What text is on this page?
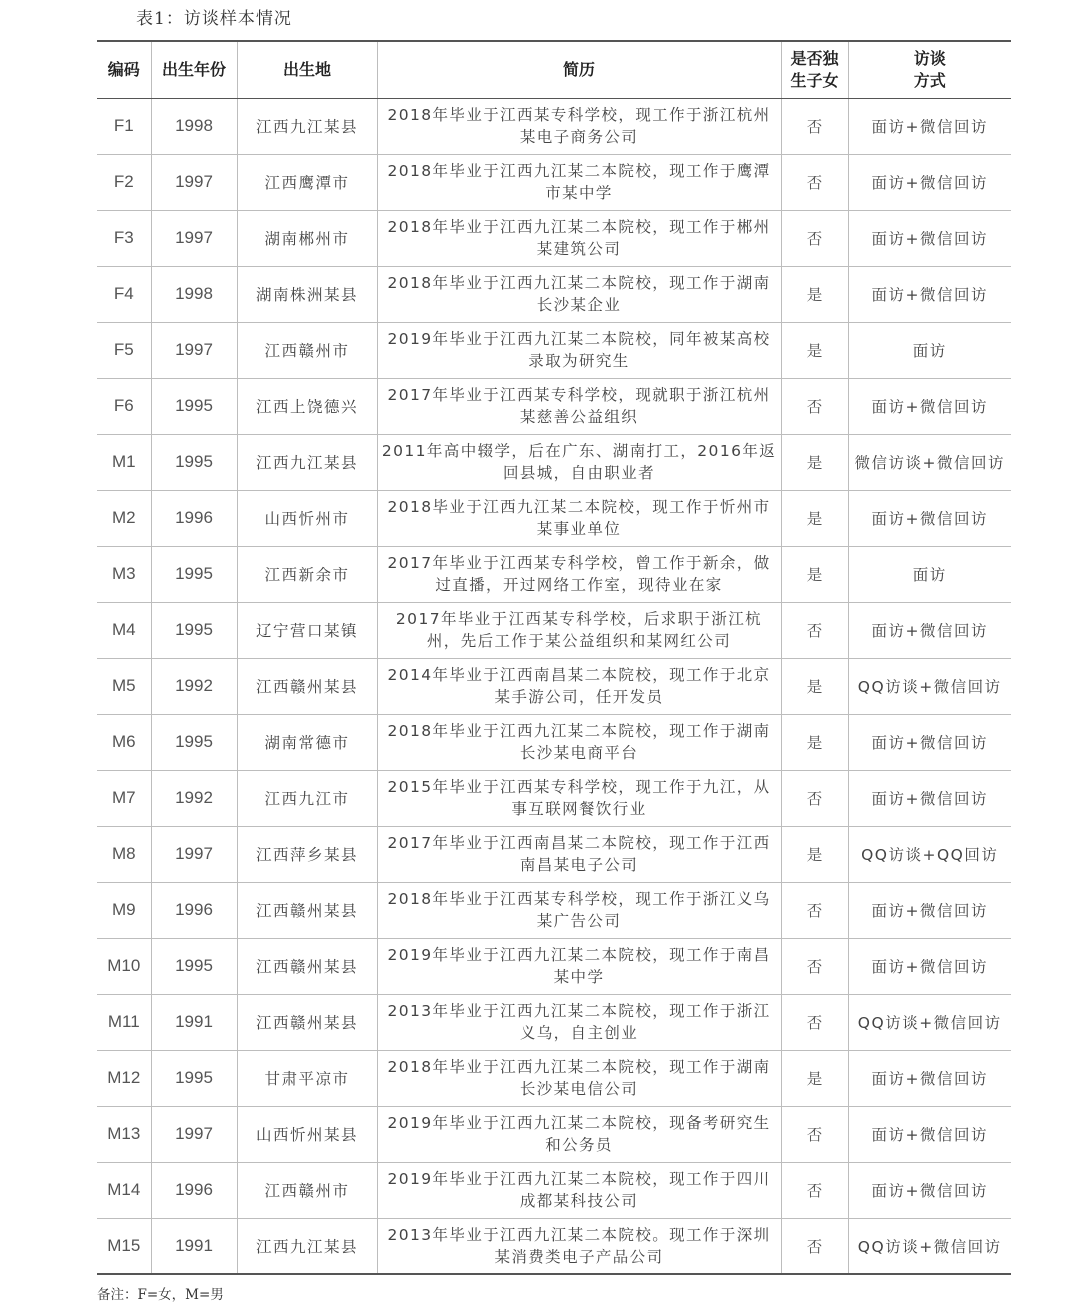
表1：访谈样本情况
编码	出生年份	出生地	简历	是否独生子女	访谈方式
F1	1998	江西九江某县	2018年毕业于江西某专科学校，现工作于浙江杭州某电子商务公司	否	面访+微信回访
F2	1997	江西鹰潭市	2018年毕业于江西九江某二本院校，现工作于鹰潭市某中学	否	面访+微信回访
F3	1997	湖南郴州市	2018年毕业于江西九江某二本院校，现工作于郴州某建筑公司	否	面访+微信回访
F4	1998	湖南株洲某县	2018年毕业于江西九江某二本院校，现工作于湖南长沙某企业	是	面访+微信回访
F5	1997	江西赣州市	2019年毕业于江西九江某二本院校，同年被某高校录取为研究生	是	面访
F6	1995	江西上饶德兴	2017年毕业于江西某专科学校，现就职于浙江杭州某慈善公益组织	否	面访+微信回访
M1	1995	江西九江某县	2011年高中辍学，后在广东、湖南打工，2016年返回县城，自由职业者	是	微信访谈+微信回访
M2	1996	山西忻州市	2018毕业于江西九江某二本院校，现工作于忻州市某事业单位	是	面访+微信回访
M3	1995	江西新余市	2017年毕业于江西某专科学校，曾工作于新余，做过直播，开过网络工作室，现待业在家	是	面访
M4	1995	辽宁营口某镇	2017年毕业于江西某专科学校，后求职于浙江杭州，先后工作于某公益组织和某网红公司	否	面访+微信回访
M5	1992	江西赣州某县	2014年毕业于江西南昌某二本院校，现工作于北京某手游公司，任开发员	是	QQ访谈+微信回访
M6	1995	湖南常德市	2018年毕业于江西九江某二本院校，现工作于湖南长沙某电商平台	是	面访+微信回访
M7	1992	江西九江市	2015年毕业于江西某专科学校，现工作于九江，从事互联网餐饮行业	否	面访+微信回访
M8	1997	江西萍乡某县	2017年毕业于江西南昌某二本院校，现工作于江西南昌某电子公司	是	QQ访谈+QQ回访
M9	1996	江西赣州某县	2018年毕业于江西某专科学校，现工作于浙江义乌某广告公司	否	面访+微信回访
M10	1995	江西赣州某县	2019年毕业于江西九江某二本院校，现工作于南昌某中学	否	面访+微信回访
M11	1991	江西赣州某县	2013年毕业于江西九江某二本院校，现工作于浙江义乌，自主创业	否	QQ访谈+微信回访
M12	1995	甘肃平凉市	2018年毕业于江西九江某二本院校，现工作于湖南长沙某电信公司	是	面访+微信回访
M13	1997	山西忻州某县	2019年毕业于江西九江某二本院校，现备考研究生和公务员	否	面访+微信回访
M14	1996	江西赣州市	2019年毕业于江西九江某二本院校，现工作于四川成都某科技公司	否	面访+微信回访
M15	1991	江西九江某县	2013年毕业于江西九江某二本院校。现工作于深圳某消费类电子产品公司	否	QQ访谈+微信回访
备注：F=女，M=男
